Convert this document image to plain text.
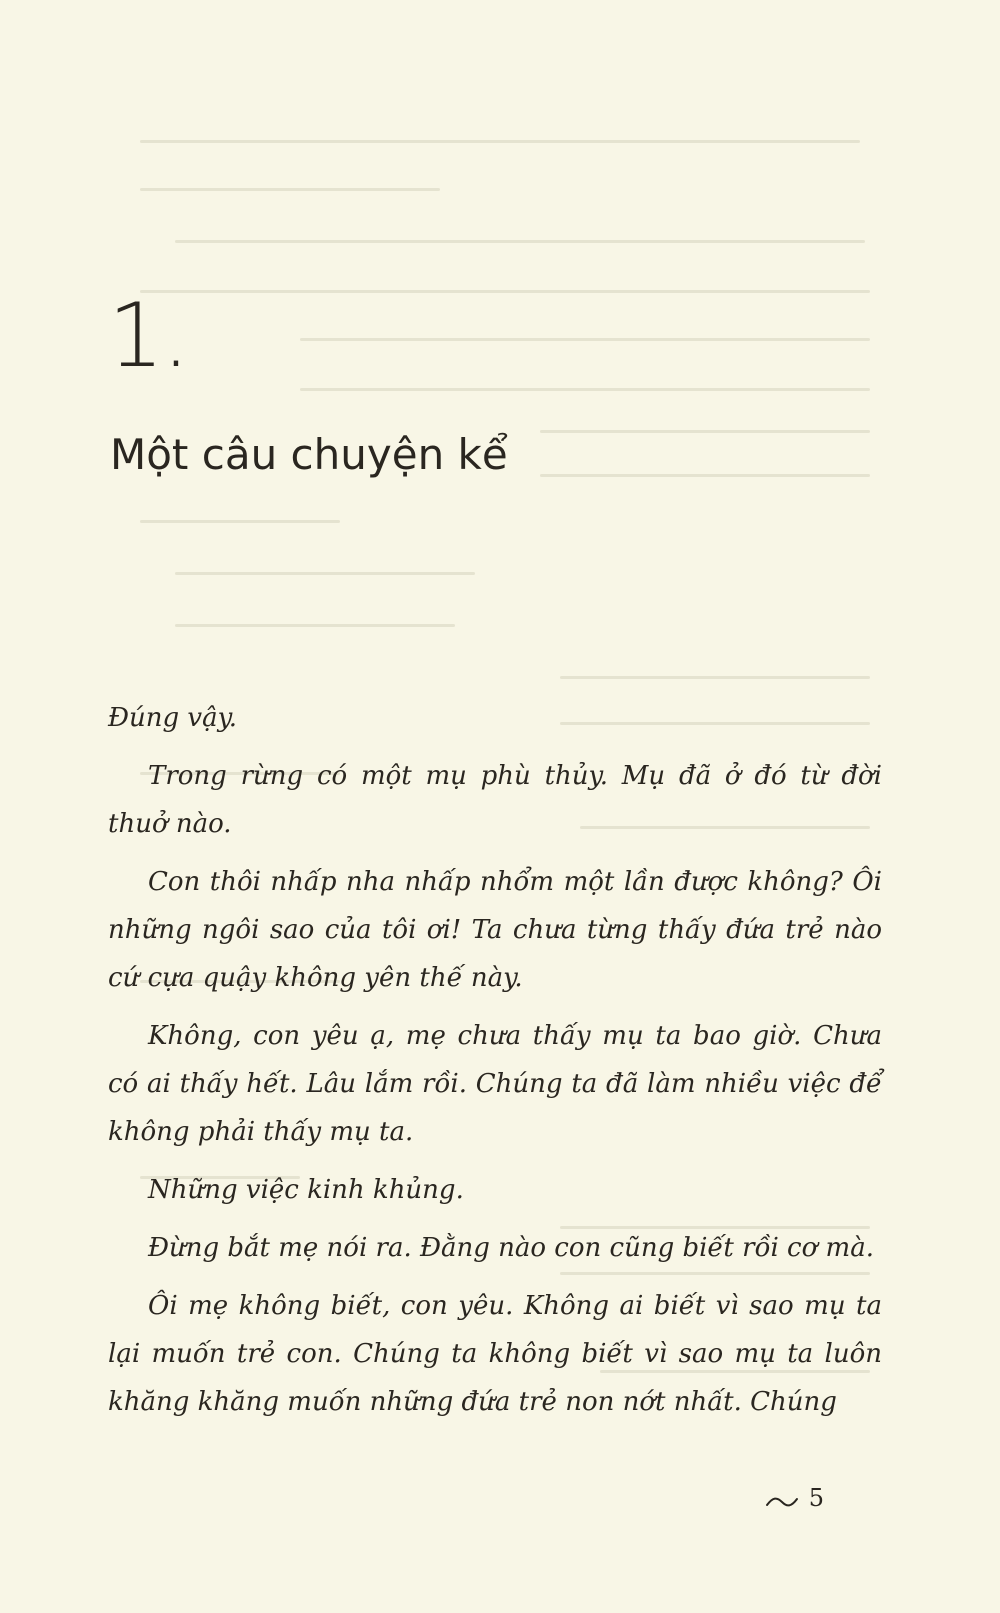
1.
Một câu chuyện kể

Đúng vậy.

Trong rừng có một mụ phù thủy. Mụ đã ở đó từ đời thuở nào.

Con thôi nhấp nha nhấp nhổm một lần được không? Ôi những ngôi sao của tôi ơi! Ta chưa từng thấy đứa trẻ nào cứ cựa quậy không yên thế này.

Không, con yêu ạ, mẹ chưa thấy mụ ta bao giờ. Chưa có ai thấy hết. Lâu lắm rồi. Chúng ta đã làm nhiều việc để không phải thấy mụ ta.

Những việc kinh khủng.

Đừng bắt mẹ nói ra. Đằng nào con cũng biết rồi cơ mà.

Ôi mẹ không biết, con yêu. Không ai biết vì sao mụ ta lại muốn trẻ con. Chúng ta không biết vì sao mụ ta luôn khăng khăng muốn những đứa trẻ non nớt nhất. Chúng

5
